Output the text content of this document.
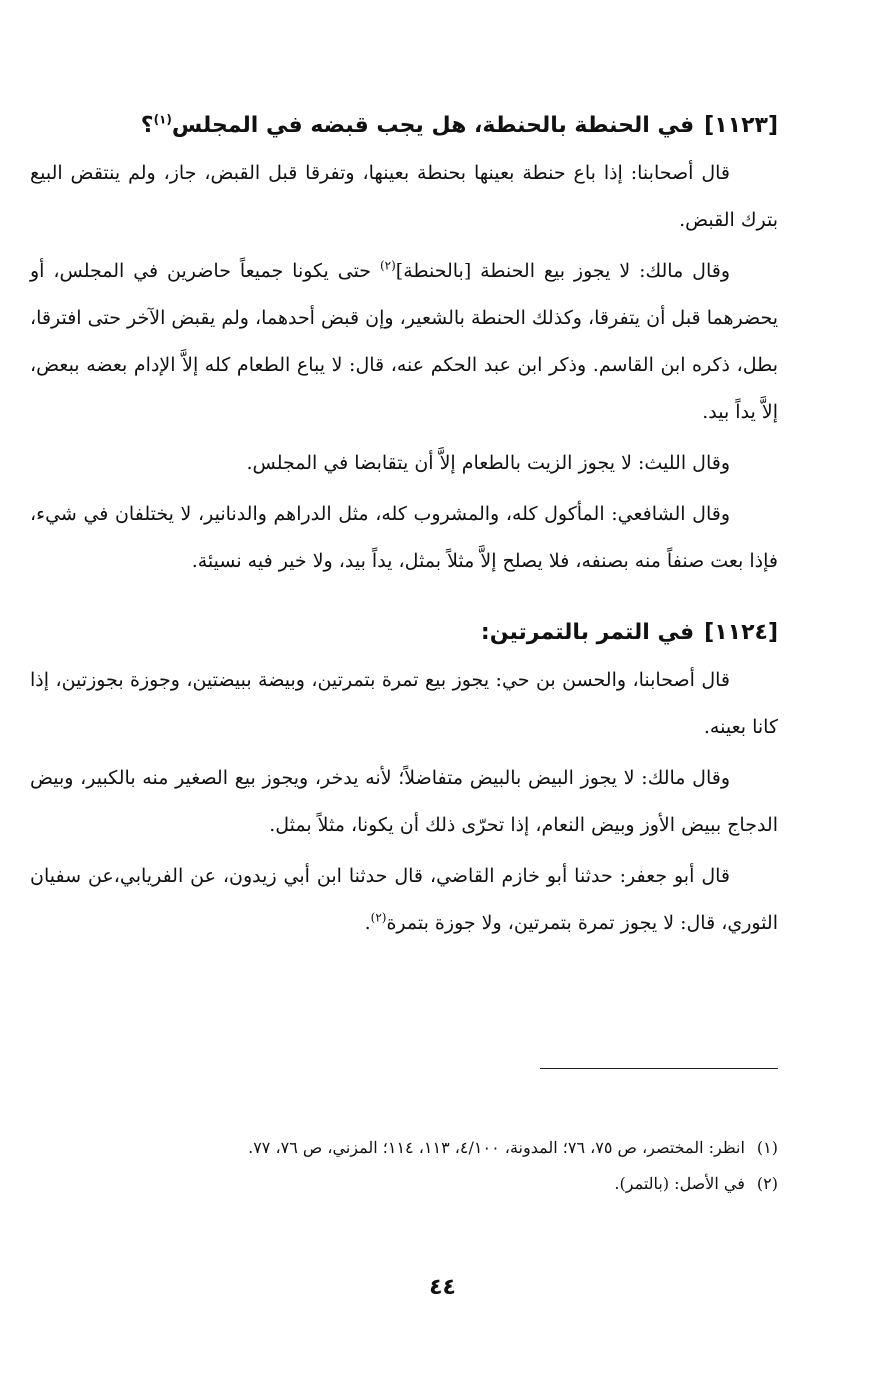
[١١٢٣]في الحنطة بالحنطة، هل يجب قبضه في المجلس$^{(١)}$؟

قال أصحابنا: إذا باع حنطة بعينها بحنطة بعينها، وتفرقا قبل القبض، جاز، ولم ينتقض البيع بترك القبض.

وقال مالك: لا يجوز بيع الحنطة [بالحنطة]$^{(٢)}$ حتى يكونا جميعاً حاضرين في المجلس، أو يحضرهما قبل أن يتفرقا، وكذلك الحنطة بالشعير، وإن قبض أحدهما، ولم يقبض الآخر حتى افترقا، بطل، ذكره ابن القاسم. وذكر ابن عبد الحكم عنه، قال: لا يباع الطعام كله إلاَّ الإدام بعضه ببعض، إلاَّ يداً بيد.

وقال الليث: لا يجوز الزيت بالطعام إلاَّ أن يتقابضا في المجلس.

وقال الشافعي: المأكول كله، والمشروب كله، مثل الدراهم والدنانير، لا يختلفان في شيء، فإذا بعت صنفاً منه بصنفه، فلا يصلح إلاَّ مثلاً بمثل، يداً بيد، ولا خير فيه نسيئة.

[١١٢٤]في التمر بالتمرتين:

قال أصحابنا، والحسن بن حي: يجوز بيع تمرة بتمرتين، وبيضة ببيضتين، وجوزة بجوزتين، إذا كانا بعينه.

وقال مالك: لا يجوز البيض بالبيض متفاضلاً؛ لأنه يدخر، ويجوز بيع الصغير منه بالكبير، وبيض الدجاج ببيض الأوز وبيض النعام، إذا تحرّى ذلك أن يكونا، مثلاً بمثل.

قال أبو جعفر: حدثنا أبو خازم القاضي، قال حدثنا ابن أبي زيدون، عن الفريابي،عن سفيان الثوري، قال: لا يجوز تمرة بتمرتين، ولا جوزة بتمرة$^{(٢)}$.

(١)انظر: المختصر، ص ٧٥، ٧٦؛ المدونة، ٤/١٠٠، ١١٣، ١١٤؛ المزني، ص ٧٦، ٧٧.

(٢)في الأصل: (بالتمر).

٤٤
